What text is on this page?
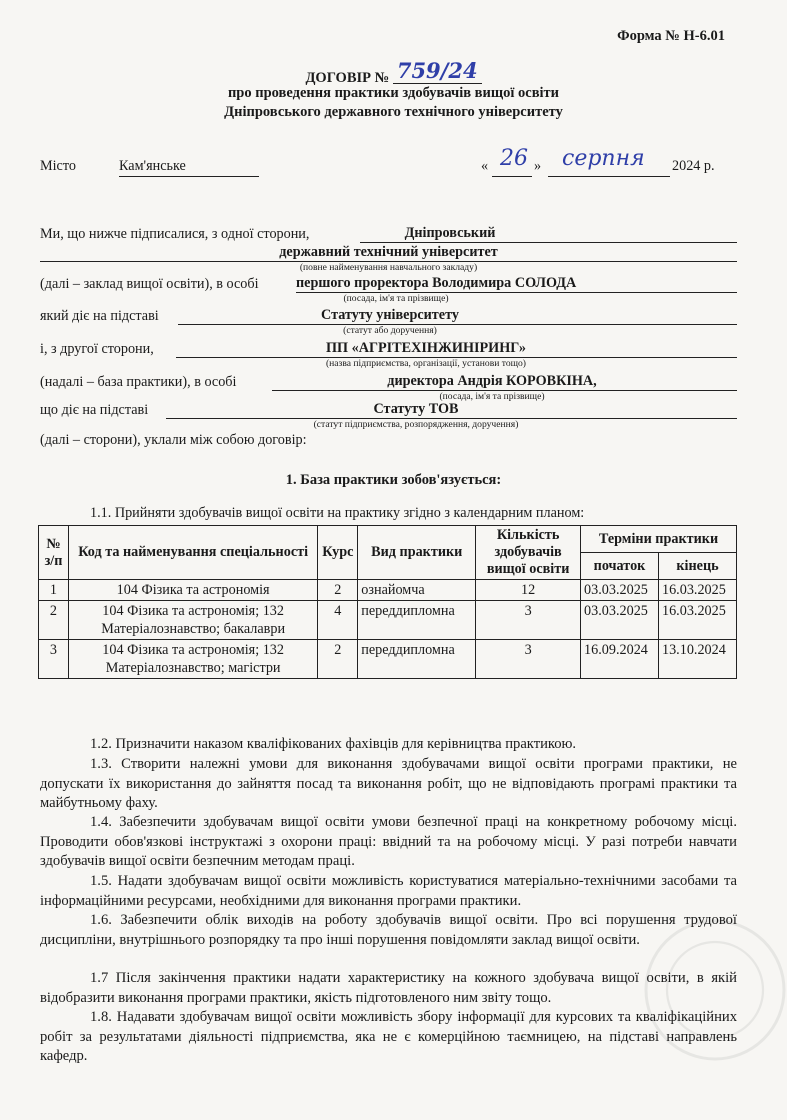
Форма № Н-6.01
ДОГОВІР № 759/24
про проведення практики здобувачів вищої освіти
Дніпровського державного технічного університету
Місто	Кам'янське	« 26 » серпня 2024 р.
Ми, що нижче підписалися, з одної сторони,	Дніпровський
державний технічний університет
(повне найменування навчального закладу)
(далі – заклад вищої освіти), в особі	першого проректора Володимира СОЛОДА
(посада, ім'я та прізвище)
який діє на підставі	Статуту університету
(статут або доручення)
і, з другої сторони,	ПП «АГРІТЕХІНЖИНІРИНГ»
(назва підприємства, організації, установи тощо)
(надалі – база практики), в особі	директора Андрія КОРОВКІНА,
(посада, ім'я та прізвище)
що діє на підставі	Статуту ТОВ
(статут підприємства, розпорядження, доручення)
(далі – сторони), уклали між собою договір:
1. База практики зобов'язується:
1.1. Прийняти здобувачів вищої освіти на практику згідно з календарним планом:
№ з/п	Код та найменування спеціальності	Курс	Вид практики	Кількість здобувачів вищої освіти	Терміни практики	
					початок	кінець
1	104 Фізика та астрономія	2	ознайомча	12	03.03.2025	16.03.2025
2	104 Фізика та астрономія; 132 Матеріалознавство; бакалаври	4	переддипломна	3	03.03.2025	16.03.2025
3	104 Фізика та астрономія; 132 Матеріалознавство; магістри	2	переддипломна	3	16.09.2024	13.10.2024
1.2. Призначити наказом кваліфікованих фахівців для керівництва практикою.
1.3. Створити належні умови для виконання здобувачами вищої освіти програми практики, не допускати їх використання до зайняття посад та виконання робіт, що не відповідають програмі практики та майбутньому фаху.
1.4. Забезпечити здобувачам вищої освіти умови безпечної праці на конкретному робочому місці. Проводити обов'язкові інструктажі з охорони праці: ввідний та на робочому місці. У разі потреби навчати здобувачів вищої освіти безпечним методам праці.
1.5. Надати здобувачам вищої освіти можливість користуватися матеріально-технічними засобами та інформаційними ресурсами, необхідними для виконання програми практики.
1.6. Забезпечити облік виходів на роботу здобувачів вищої освіти. Про всі порушення трудової дисципліни, внутрішнього розпорядку та про інші порушення повідомляти заклад вищої освіти.
1.7 Після закінчення практики надати характеристику на кожного здобувача вищої освіти, в якій відобразити виконання програми практики, якість підготовленого ним звіту тощо.
1.8. Надавати здобувачам вищої освіти можливість збору інформації для курсових та кваліфікаційних робіт за результатами діяльності підприємства, яка не є комерційною таємницею, на підставі направлень кафедр.
